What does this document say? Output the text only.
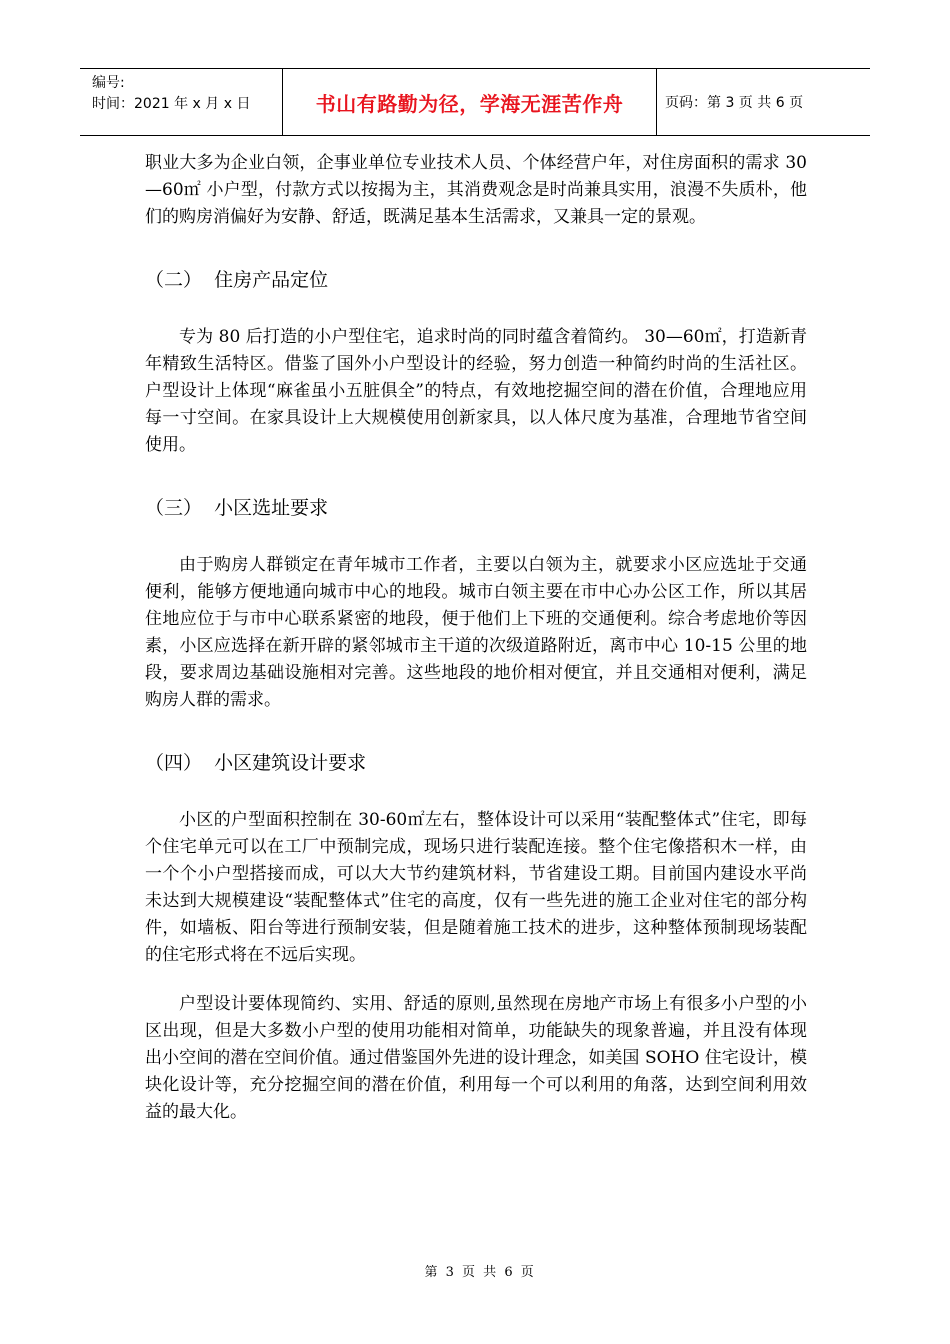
编号:
时间：2021 年 x 月 x 日	书山有路勤为径，学海无涯苦作舟	页码：第 3 页 共 6 页

职业大多为企业白领，企事业单位专业技术人员、个体经营户年，对住房面积的需求 30—60㎡ 小户型，付款方式以按揭为主，其消费观念是时尚兼具实用，浪漫不失质朴，他们的购房消偏好为安静、舒适，既满足基本生活需求，又兼具一定的景观。

（二）  住房产品定位

专为 80 后打造的小户型住宅，追求时尚的同时蕴含着简约。 30—60㎡，打造新青年精致生活特区。借鉴了国外小户型设计的经验，努力创造一种简约时尚的生活社区。户型设计上体现“麻雀虽小五脏俱全”的特点，有效地挖掘空间的潜在价值，合理地应用每一寸空间。在家具设计上大规模使用创新家具，以人体尺度为基准，合理地节省空间使用。

（三）  小区选址要求

由于购房人群锁定在青年城市工作者，主要以白领为主，就要求小区应选址于交通便利，能够方便地通向城市中心的地段。城市白领主要在市中心办公区工作，所以其居住地应位于与市中心联系紧密的地段，便于他们上下班的交通便利。综合考虑地价等因素，小区应选择在新开辟的紧邻城市主干道的次级道路附近，离市中心 10-15 公里的地段，要求周边基础设施相对完善。这些地段的地价相对便宜，并且交通相对便利，满足购房人群的需求。

（四）  小区建筑设计要求

小区的户型面积控制在 30-60㎡左右，整体设计可以采用“装配整体式”住宅，即每个住宅单元可以在工厂中预制完成，现场只进行装配连接。整个住宅像搭积木一样，由一个个小户型搭接而成，可以大大节约建筑材料，节省建设工期。目前国内建设水平尚未达到大规模建设“装配整体式”住宅的高度，仅有一些先进的施工企业对住宅的部分构件，如墙板、阳台等进行预制安装，但是随着施工技术的进步，这种整体预制现场装配的住宅形式将在不远后实现。

户型设计要体现简约、实用、舒适的原则,虽然现在房地产市场上有很多小户型的小区出现，但是大多数小户型的使用功能相对简单，功能缺失的现象普遍，并且没有体现出小空间的潜在空间价值。通过借鉴国外先进的设计理念，如美国 SOHO 住宅设计，模块化设计等，充分挖掘空间的潜在价值，利用每一个可以利用的角落，达到空间利用效益的最大化。

第 3 页 共 6 页
